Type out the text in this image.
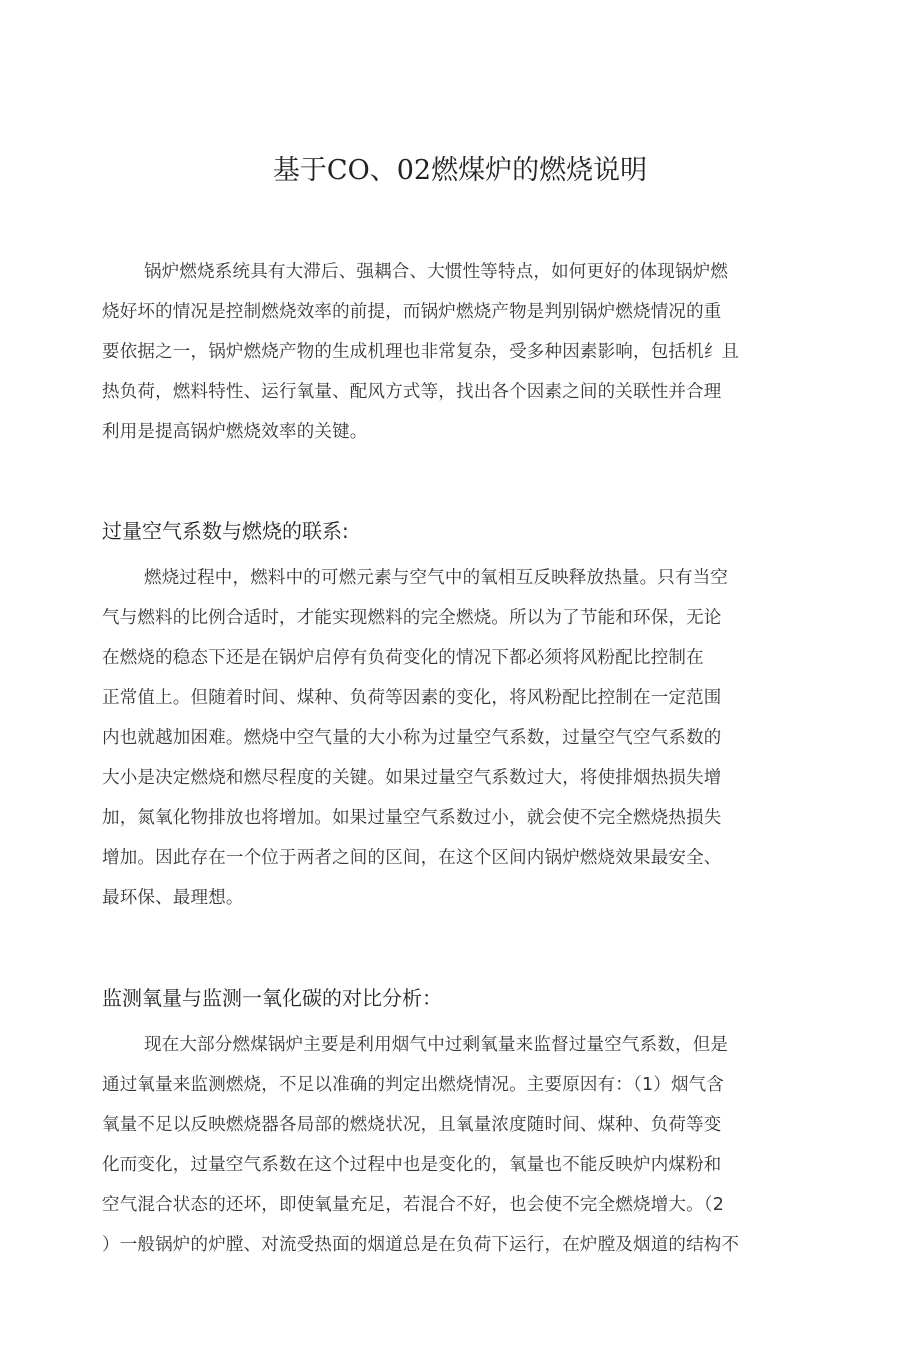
基于CO、02燃煤炉的燃烧说明
锅炉燃烧系统具有大滞后、强耦合、大惯性等特点，如何更好的体现锅炉燃
烧好坏的情况是控制燃烧效率的前提，而锅炉燃烧产物是判别锅炉燃烧情况的重
要依据之一，锅炉燃烧产物的生成机理也非常复杂，受多种因素影响，包括机纟且
热负荷，燃料特性、运行氧量、配风方式等，找出各个因素之间的关联性并合理
利用是提高锅炉燃烧效率的关键。
过量空气系数与燃烧的联系:
燃烧过程中，燃料中的可燃元素与空气中的氧相互反映释放热量。只有当空
气与燃料的比例合适时，才能实现燃料的完全燃烧。所以为了节能和环保，无论
在燃烧的稳态下还是在锅炉启停有负荷变化的情况下都必须将风粉配比控制在
正常值上。但随着时间、煤种、负荷等因素的变化，将风粉配比控制在一定范围
内也就越加困难。燃烧中空气量的大小称为过量空气系数，过量空气空气系数的
大小是决定燃烧和燃尽程度的关键。如果过量空气系数过大，将使排烟热损失增
加，氮氧化物排放也将增加。如果过量空气系数过小，就会使不完全燃烧热损失
增加。因此存在一个位于两者之间的区间，在这个区间内锅炉燃烧效果最安全、
最环保、最理想。
监测氧量与监测一氧化碳的对比分析：
现在大部分燃煤锅炉主要是利用烟气中过剩氧量来监督过量空气系数，但是
通过氧量来监测燃烧，不足以准确的判定出燃烧情况。主要原因有：（1）烟气含
氧量不足以反映燃烧器各局部的燃烧状况，且氧量浓度随时间、煤种、负荷等变
化而变化，过量空气系数在这个过程中也是变化的，氧量也不能反映炉内煤粉和
空气混合状态的还坏，即使氧量充足，若混合不好，也会使不完全燃烧增大。（2
）一般锅炉的炉膛、对流受热面的烟道总是在负荷下运行，在炉膛及烟道的结构不
